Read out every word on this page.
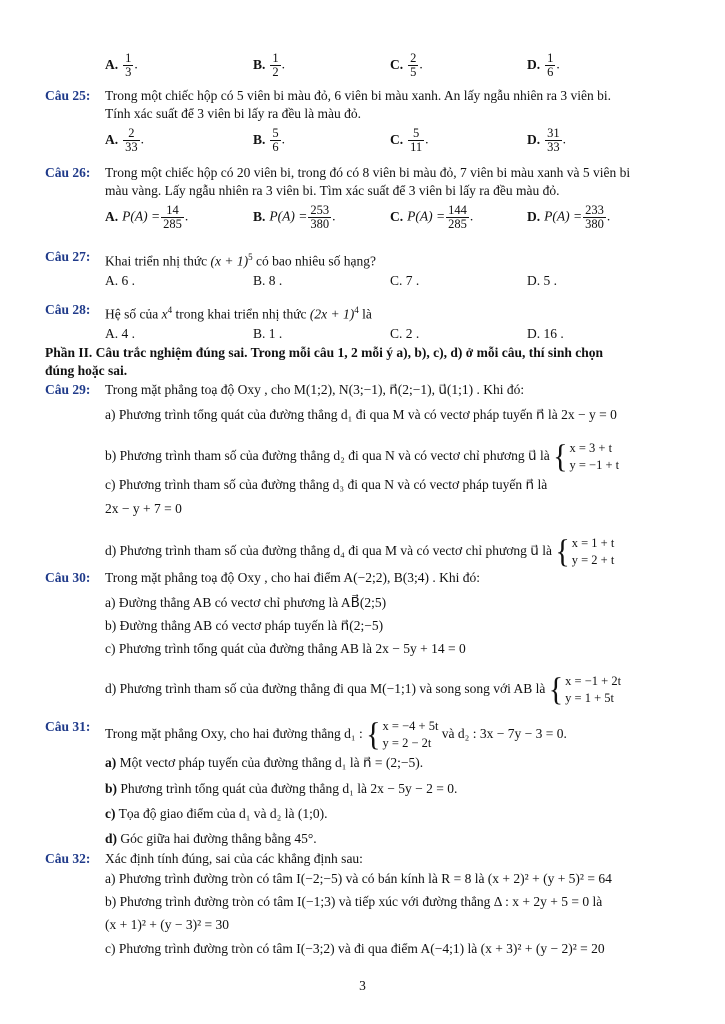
A. $\frac{1}{3}$ .	B. $\frac{1}{2}$ .	C. $\frac{2}{5}$ .	D. $\frac{1}{6}$ .
Câu 25: Trong một chiếc hộp có 5 viên bi màu đỏ, 6 viên bi màu xanh. An lấy ngẫu nhiên ra 3 viên bi.
Tính xác suất để 3 viên bi lấy ra đều là màu đỏ.
A. $\frac{2}{33}$ .	B. $\frac{5}{6}$ .	C. $\frac{5}{11}$ .	D. $\frac{31}{33}$ .
Câu 26: Trong một chiếc hộp có 20 viên bi, trong đó có 8 viên bi màu đỏ, 7 viên bi màu xanh và 5 viên bi
màu vàng. Lấy ngẫu nhiên ra 3 viên bi. Tìm xác suất để 3 viên bi lấy ra đều màu đỏ.
A. $P(A) = \frac{14}{285}$ .	B. $P(A) = \frac{253}{380}$ .	C. $P(A) = \frac{144}{285}$ .	D. $P(A) = \frac{233}{380}$ .
Câu 27: Khai triển nhị thức $(x + 1)^5$ có bao nhiêu số hạng?
A. 6 .	B. 8 .	C. 7 .	D. 5 .
Câu 28: Hệ số của $x^4$ trong khai triển nhị thức $(2x + 1)^4$ là
A. 4 .	B. 1 .	C. 2 .	D. 16 .
Phần II. Câu trắc nghiệm đúng sai. Trong mỗi câu 1, 2 mỗi ý a), b), c), d) ở mỗi câu, thí sinh chọn
đúng hoặc sai.
Câu 29: Trong mặt phẳng toạ độ Oxy , cho M(1;2), N(3;−1), n⃗(2;−1), u⃗(1;1) . Khi đó:
a) Phương trình tổng quát của đường thẳng d₁ đi qua M và có vectơ pháp tuyến n⃗ là 2x − y = 0
b) Phương trình tham số của đường thẳng d₂ đi qua N và có vectơ chỉ phương u⃗ là { x = 3 + t
y = −1 + t
c) Phương trình tham số của đường thẳng d₃ đi qua N và có vectơ pháp tuyến n⃗ là
2x − y + 7 = 0
d) Phương trình tham số của đường thẳng d₄ đi qua M và có vectơ chỉ phương u⃗ là { x = 1 + t
y = 2 + t
Câu 30: Trong mặt phẳng toạ độ Oxy , cho hai điểm A(−2;2), B(3;4) . Khi đó:
a) Đường thẳng AB có vectơ chỉ phương là AB⃗(2;5)
b) Đường thẳng AB có vectơ pháp tuyến là n⃗(2;−5)
c) Phương trình tổng quát của đường thẳng AB là 2x − 5y + 14 = 0
d) Phương trình tham số của đường thẳng đi qua M(−1;1) và song song với AB là { x = −1 + 2t
y = 1 + 5t
Câu 31: Trong mặt phẳng Oxy, cho hai đường thẳng d₁ : { x = −4 + 5t
y = 2 − 2t và d₂ : 3x − 7y − 3 = 0.
a) Một vectơ pháp tuyến của đường thẳng d₁ là n⃗ = (2;−5).
b) Phương trình tổng quát của đường thẳng d₁ là 2x − 5y − 2 = 0.
c) Tọa độ giao điểm của d₁ và d₂ là (1;0).
d) Góc giữa hai đường thẳng bằng 45°.
Câu 32: Xác định tính đúng, sai của các khẳng định sau:
a) Phương trình đường tròn có tâm I(−2;−5) và có bán kính là R = 8 là (x + 2)² + (y + 5)² = 64
b) Phương trình đường tròn có tâm I(−1;3) và tiếp xúc với đường thẳng Δ : x + 2y + 5 = 0 là
(x + 1)² + (y − 3)² = 30
c) Phương trình đường tròn có tâm I(−3;2) và đi qua điểm A(−4;1) là (x + 3)² + (y − 2)² = 20
3
